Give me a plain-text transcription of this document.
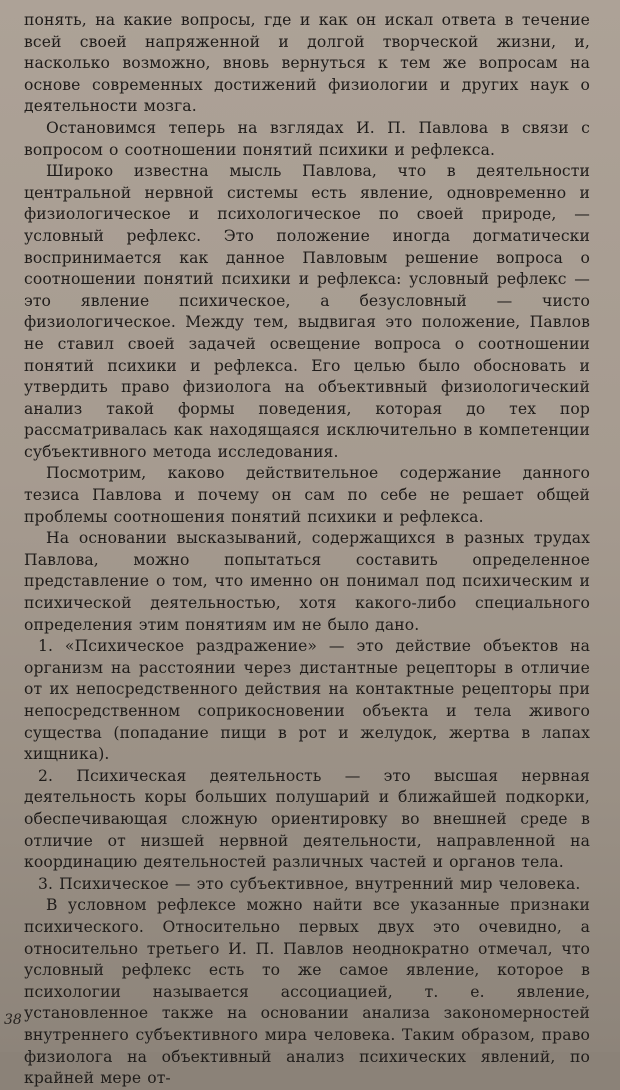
понять, на какие вопросы, где и как он искал ответа в течение всей своей напряженной и долгой творческой жизни, и, насколько возможно, вновь вернуться к тем же вопросам на основе современных достижений физиологии и других наук о деятельности мозга.

Остановимся теперь на взглядах И. П. Павлова в связи с вопросом о соотношении понятий психики и рефлекса.

Широко известна мысль Павлова, что в деятельности центральной нервной системы есть явление, одновременно и физиологическое и психологическое по своей природе, — условный рефлекс. Это положение иногда догматически воспринимается как данное Павловым решение вопроса о соотношении понятий психики и рефлекса: условный рефлекс — это явление психическое, а безусловный — чисто физиологическое. Между тем, выдвигая это положение, Павлов не ставил своей задачей освещение вопроса о соотношении понятий психики и рефлекса. Его целью было обосновать и утвердить право физиолога на объективный физиологический анализ такой формы поведения, которая до тех пор рассматривалась как находящаяся исключительно в компетенции субъективного метода исследования.

Посмотрим, каково действительное содержание данного тезиса Павлова и почему он сам по себе не решает общей проблемы соотношения понятий психики и рефлекса.

На основании высказываний, содержащихся в разных трудах Павлова, можно попытаться составить определенное представление о том, что именно он понимал под психическим и психической деятельностью, хотя какого-либо специального определения этим понятиям им не было дано.

1. «Психическое раздражение» — это действие объектов на организм на расстоянии через дистантные рецепторы в отличие от их непосредственного действия на контактные рецепторы при непосредственном соприкосновении объекта и тела живого существа (попадание пищи в рот и желудок, жертва в лапах хищника).

2. Психическая деятельность — это высшая нервная деятельность коры больших полушарий и ближайшей подкорки, обеспечивающая сложную ориентировку во внешней среде в отличие от низшей нервной деятельности, направленной на координацию деятельностей различных частей и органов тела.

3. Психическое — это субъективное, внутренний мир человека.

В условном рефлексе можно найти все указанные признаки психического. Относительно первых двух это очевидно, а относительно третьего И. П. Павлов неоднократно отмечал, что условный рефлекс есть то же самое явление, которое в психологии называется ассоциацией, т. е. явление, установленное также на основании анализа закономерностей внутреннего субъективного мира человека. Таким образом, право физиолога на объективный анализ психических явлений, по крайней мере от-

38
